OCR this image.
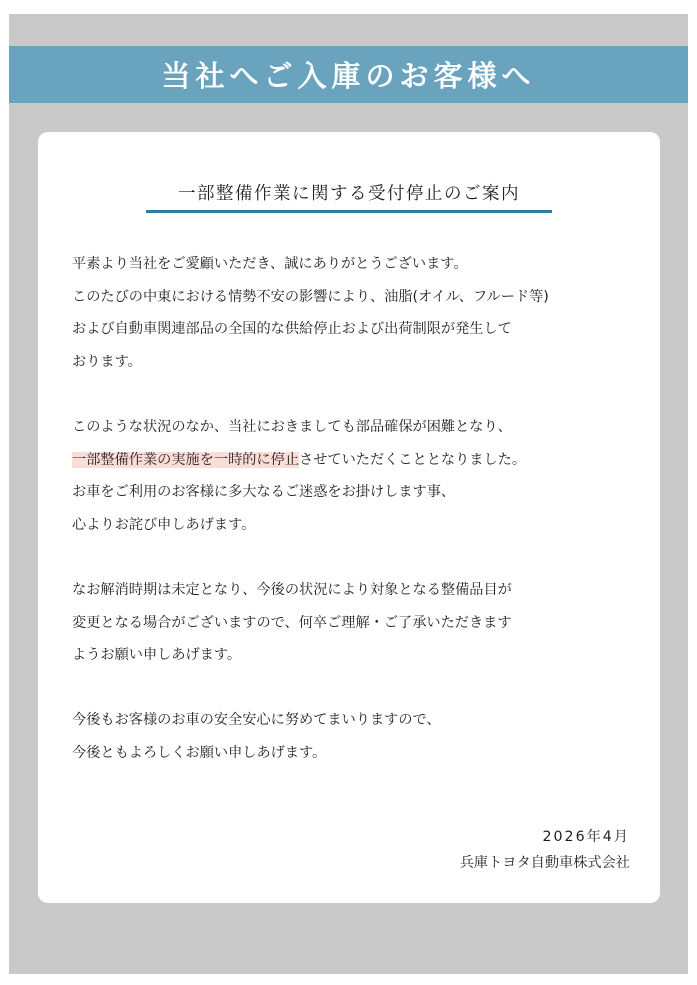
当社へご入庫のお客様へ
一部整備作業に関する受付停止のご案内
平素より当社をご愛顧いただき、誠にありがとうございます。
このたびの中東における情勢不安の影響により、油脂(オイル、フルード等)
および自動車関連部品の全国的な供給停止および出荷制限が発生して
おります。
このような状況のなか、当社におきましても部品確保が困難となり、
一部整備作業の実施を一時的に停止させていただくこととなりました。
お車をご利用のお客様に多大なるご迷惑をお掛けします事、
心よりお詫び申しあげます。
なお解消時期は未定となり、今後の状況により対象となる整備品目が
変更となる場合がございますので、何卒ご理解・ご了承いただきます
ようお願い申しあげます。
今後もお客様のお車の安全安心に努めてまいりますので、
今後ともよろしくお願い申しあげます。
2026年4月
兵庫トヨタ自動車株式会社
